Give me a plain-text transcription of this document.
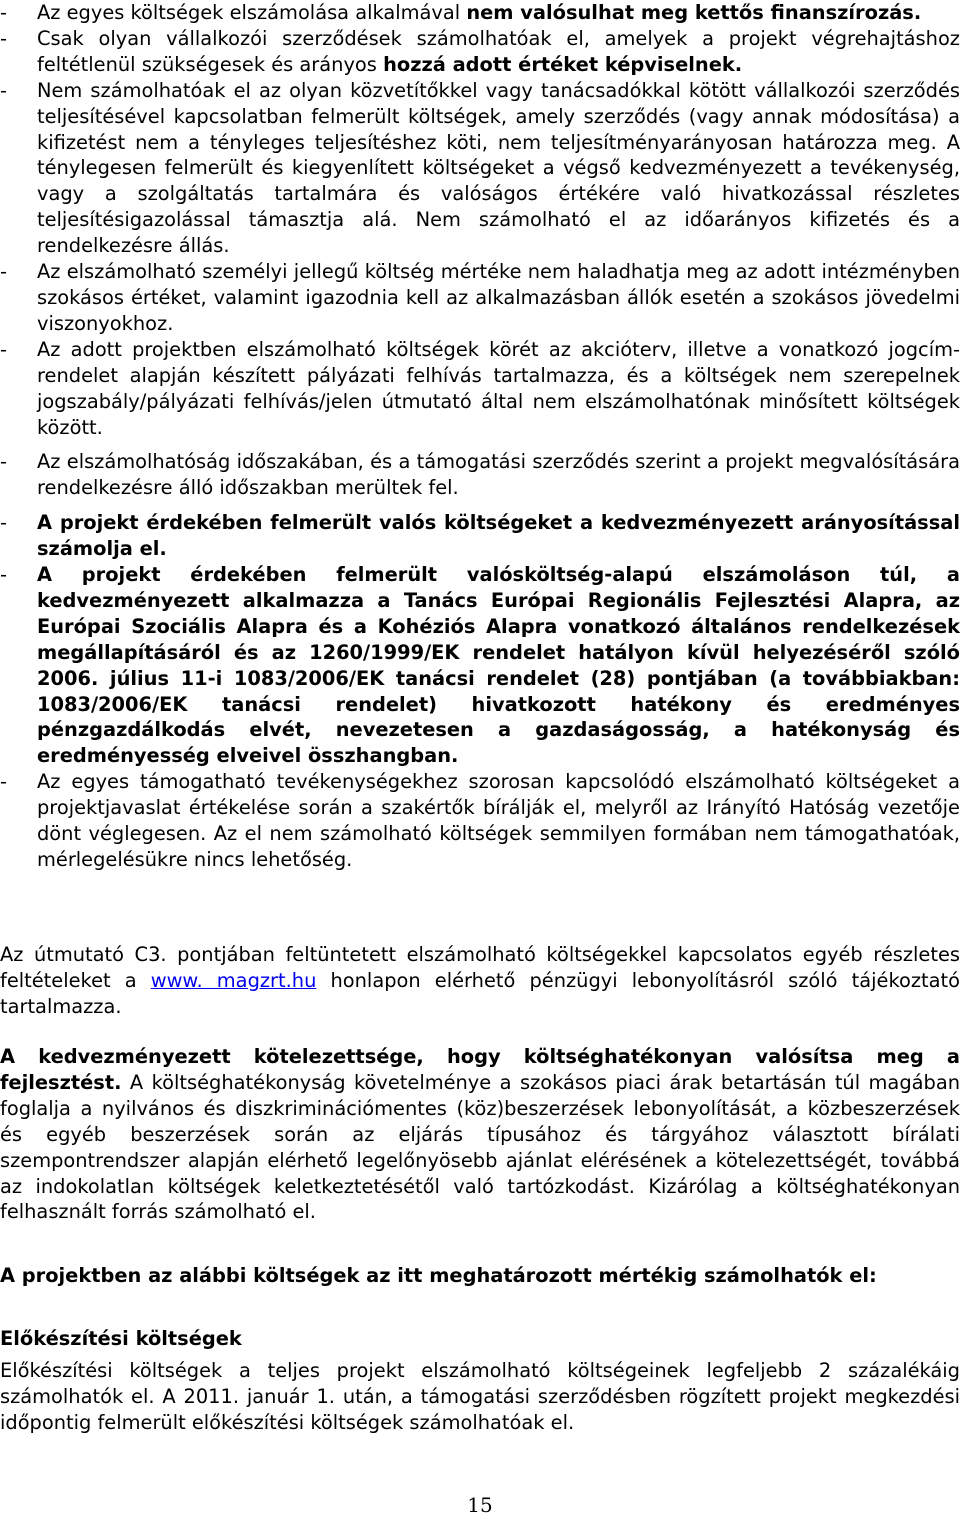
- Az egyes költségek elszámolása alkalmával nem valósulhat meg kettős finanszírozás.
- Csak olyan vállalkozói szerződések számolhatóak el, amelyek a projekt végrehajtáshoz feltétlenül szükségesek és arányos hozzá adott értéket képviselnek.
- Nem számolhatóak el az olyan közvetítőkkel vagy tanácsadókkal kötött vállalkozói szerződés teljesítésével kapcsolatban felmerült költségek, amely szerződés (vagy annak módosítása) a kifizetést nem a tényleges teljesítéshez köti, nem teljesítményarányosan határozza meg. A ténylegesen felmerült és kiegyenlített költségeket a végső kedvezményezett a tevékenység, vagy a szolgáltatás tartalmára és valóságos értékére való hivatkozással részletes teljesítésigazolással támasztja alá. Nem számolható el az időarányos kifizetés és a rendelkezésre állás.
- Az elszámolható személyi jellegű költség mértéke nem haladhatja meg az adott intézményben szokásos értéket, valamint igazodnia kell az alkalmazásban állók esetén a szokásos jövedelmi viszonyokhoz.
- Az adott projektben elszámolható költségek körét az akcióterv, illetve a vonatkozó jogcím-rendelet alapján készített pályázati felhívás tartalmazza, és a költségek nem szerepelnek jogszabály/pályázati felhívás/jelen útmutató által nem elszámolhatónak minősített költségek között.
- Az elszámolhatóság időszakában, és a támogatási szerződés szerint a projekt megvalósítására rendelkezésre álló időszakban merültek fel.
- A projekt érdekében felmerült valós költségeket a kedvezményezett arányosítással számolja el.
- A projekt érdekében felmerült valósköltség-alapú elszámoláson túl, a kedvezményezett alkalmazza a Tanács Európai Regionális Fejlesztési Alapra, az Európai Szociális Alapra és a Kohéziós Alapra vonatkozó általános rendelkezések megállapításáról és az 1260/1999/EK rendelet hatályon kívül helyezéséről szóló 2006. július 11-i 1083/2006/EK tanácsi rendelet (28) pontjában (a továbbiakban: 1083/2006/EK tanácsi rendelet) hivatkozott hatékony és eredményes pénzgazdálkodás elvét, nevezetesen a gazdaságosság, a hatékonyság és eredményesség elveivel összhangban.
- Az egyes támogatható tevékenységekhez szorosan kapcsolódó elszámolható költségeket a projektjavaslat értékelése során a szakértők bírálják el, melyről az Irányító Hatóság vezetője dönt véglegesen. Az el nem számolható költségek semmilyen formában nem támogathatóak, mérlegelésükre nincs lehetőség.
Az útmutató C3. pontjában feltüntetett elszámolható költségekkel kapcsolatos egyéb részletes feltételeket a www. magzrt.hu honlapon elérhető pénzügyi lebonyolításról szóló tájékoztató tartalmazza.
A kedvezményezett kötelezettsége, hogy költséghatékonyan valósítsa meg a fejlesztést. A költséghatékonyság követelménye a szokásos piaci árak betartásán túl magában foglalja a nyilvános és diszkriminációmentes (köz)beszerzések lebonyolítását, a közbeszerzések és egyéb beszerzések során az eljárás típusához és tárgyához választott bírálati szempontrendszer alapján elérhető legelőnyösebb ajánlat elérésének a kötelezettségét, továbbá az indokolatlan költségek keletkeztetésétől való tartózkodást. Kizárólag a költséghatékonyan felhasznált forrás számolható el.
A projektben az alábbi költségek az itt meghatározott mértékig számolhatók el:
Előkészítési költségek
Előkészítési költségek a teljes projekt elszámolható költségeinek legfeljebb 2 százalékáig számolhatók el. A 2011. január 1. után, a támogatási szerződésben rögzített projekt megkezdési időpontig felmerült előkészítési költségek számolhatóak el.
15
